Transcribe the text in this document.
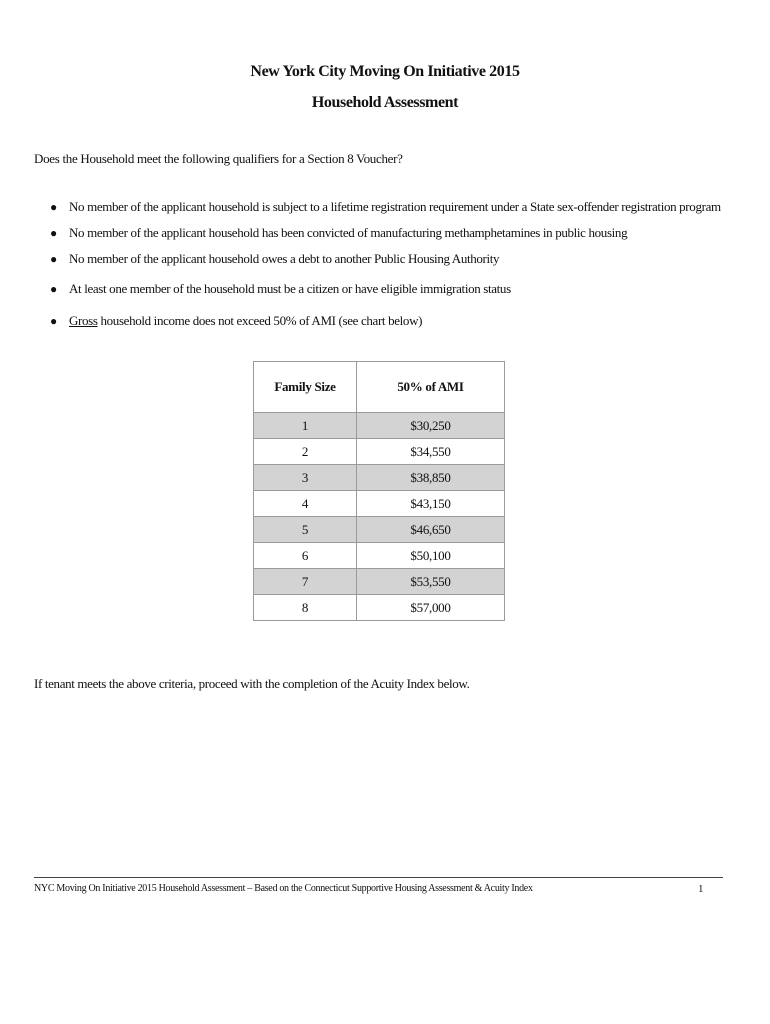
New York City Moving On Initiative 2015
Household Assessment

Does the Household meet the following qualifiers for a Section 8 Voucher?

● No member of the applicant household is subject to a lifetime registration requirement under a State sex-offender registration program
● No member of the applicant household has been convicted of manufacturing methamphetamines in public housing
● No member of the applicant household owes a debt to another Public Housing Authority
● At least one member of the household must be a citizen or have eligible immigration status
● Gross household income does not exceed 50% of AMI (see chart below)
Family Size	50% of AMI
1	$30,250
2	$34,550
3	$38,850
4	$43,150
5	$46,650
6	$50,100
7	$53,550
8	$57,000

If tenant meets the above criteria, proceed with the completion of the Acuity Index below.

NYC Moving On Initiative 2015 Household Assessment – Based on the Connecticut Supportive Housing Assessment & Acuity Index	1
